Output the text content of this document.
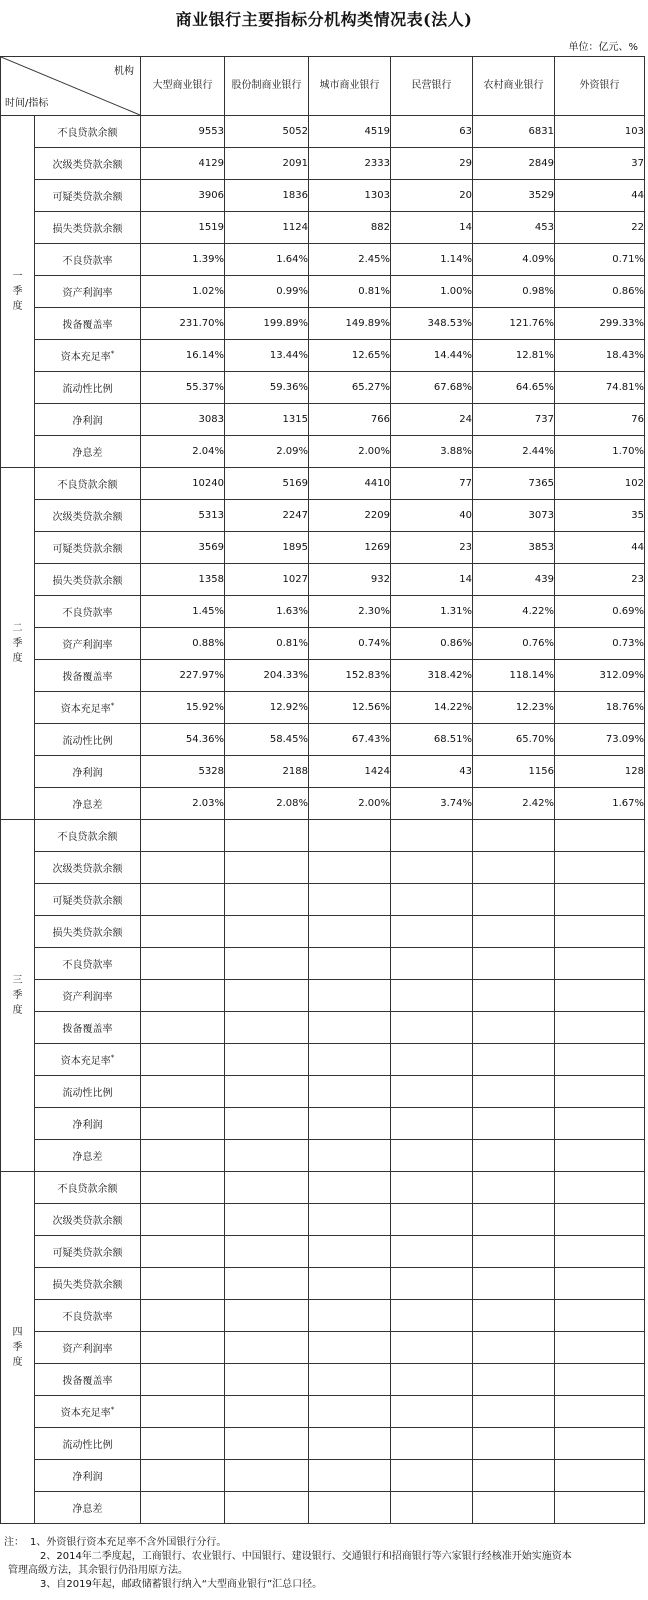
商业银行主要指标分机构类情况表(法人)
单位：亿元、%
机构
时间/指标		大型商业银行	股份制商业银行	城市商业银行	民营银行	农村商业银行	外资银行
一
季
度	不良贷款余额	9553	5052	4519	63	6831	103
	次级类贷款余额	4129	2091	2333	29	2849	37
	可疑类贷款余额	3906	1836	1303	20	3529	44
	损失类贷款余额	1519	1124	882	14	453	22
	不良贷款率	1.39%	1.64%	2.45%	1.14%	4.09%	0.71%
	资产利润率	1.02%	0.99%	0.81%	1.00%	0.98%	0.86%
	拨备覆盖率	231.70%	199.89%	149.89%	348.53%	121.76%	299.33%
	资本充足率*	16.14%	13.44%	12.65%	14.44%	12.81%	18.43%
	流动性比例	55.37%	59.36%	65.27%	67.68%	64.65%	74.81%
	净利润	3083	1315	766	24	737	76
	净息差	2.04%	2.09%	2.00%	3.88%	2.44%	1.70%
二
季
度	不良贷款余额	10240	5169	4410	77	7365	102
	次级类贷款余额	5313	2247	2209	40	3073	35
	可疑类贷款余额	3569	1895	1269	23	3853	44
	损失类贷款余额	1358	1027	932	14	439	23
	不良贷款率	1.45%	1.63%	2.30%	1.31%	4.22%	0.69%
	资产利润率	0.88%	0.81%	0.74%	0.86%	0.76%	0.73%
	拨备覆盖率	227.97%	204.33%	152.83%	318.42%	118.14%	312.09%
	资本充足率*	15.92%	12.92%	12.56%	14.22%	12.23%	18.76%
	流动性比例	54.36%	58.45%	67.43%	68.51%	65.70%	73.09%
	净利润	5328	2188	1424	43	1156	128
	净息差	2.03%	2.08%	2.00%	3.74%	2.42%	1.67%
三
季
度	不良贷款余额						
	次级类贷款余额						
	可疑类贷款余额						
	损失类贷款余额						
	不良贷款率						
	资产利润率						
	拨备覆盖率						
	资本充足率*						
	流动性比例						
	净利润						
	净息差						
四
季
度	不良贷款余额						
	次级类贷款余额						
	可疑类贷款余额						
	损失类贷款余额						
	不良贷款率						
	资产利润率						
	拨备覆盖率						
	资本充足率*						
	流动性比例						
	净利润						
	净息差						
注： 1、外资银行资本充足率不含外国银行分行。
2、2014年二季度起，工商银行、农业银行、中国银行、建设银行、交通银行和招商银行等六家银行经核准开始实施资本
管理高级方法，其余银行仍沿用原方法。
3、自2019年起，邮政储蓄银行纳入“大型商业银行”汇总口径。
